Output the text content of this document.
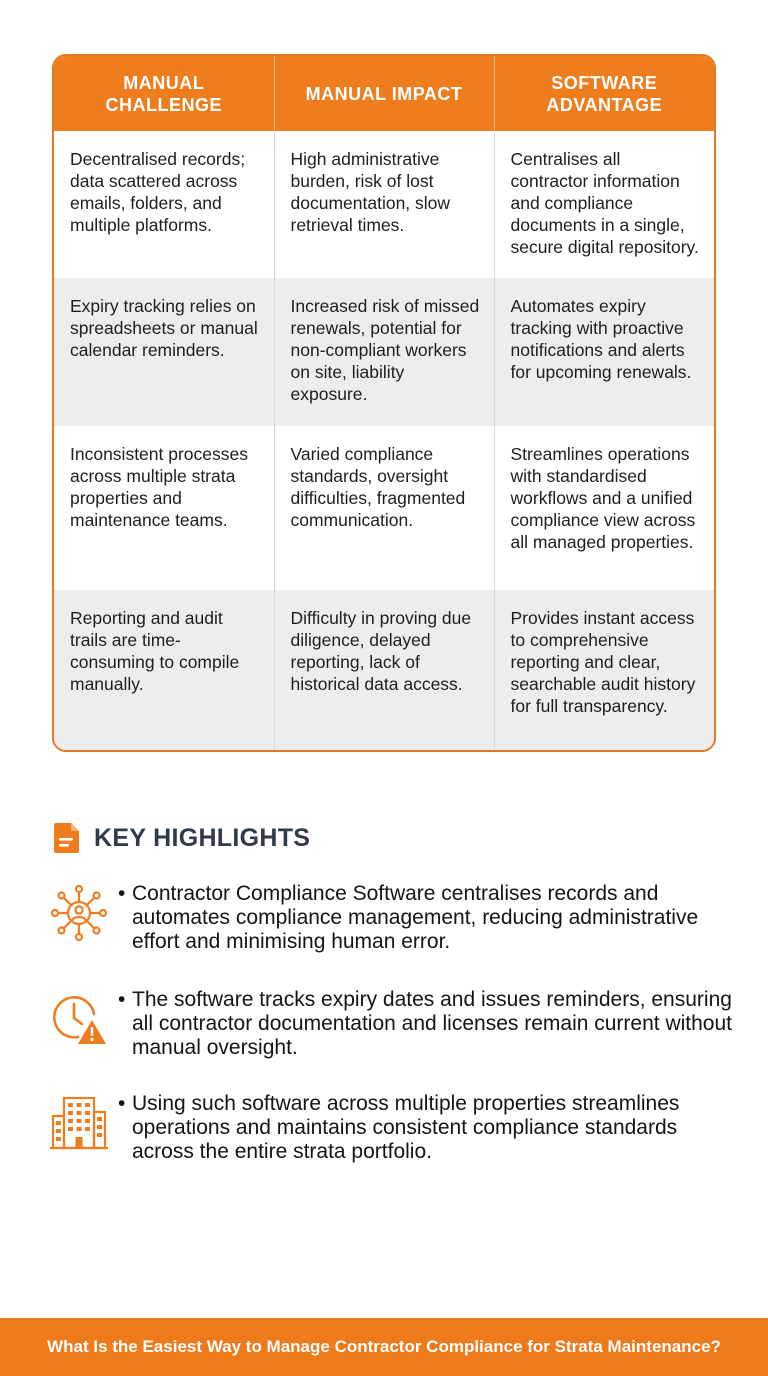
MANUAL CHALLENGE	MANUAL IMPACT	SOFTWARE ADVANTAGE
Decentralised records; data scattered across emails, folders, and multiple platforms.	High administrative burden, risk of lost documentation, slow retrieval times.	Centralises all contractor information and compliance documents in a single, secure digital repository.
Expiry tracking relies on spreadsheets or manual calendar reminders.	Increased risk of missed renewals, potential for non-compliant workers on site, liability exposure.	Automates expiry tracking with proactive notifications and alerts for upcoming renewals.
Inconsistent processes across multiple strata properties and maintenance teams.	Varied compliance standards, oversight difficulties, fragmented communication.	Streamlines operations with standardised workflows and a unified compliance view across all managed properties.
Reporting and audit trails are time-consuming to compile manually.	Difficulty in proving due diligence, delayed reporting, lack of historical data access.	Provides instant access to comprehensive reporting and clear, searchable audit history for full transparency.
KEY HIGHLIGHTS
• Contractor Compliance Software centralises records and automates compliance management, reducing administrative effort and minimising human error.
• The software tracks expiry dates and issues reminders, ensuring all contractor documentation and licenses remain current without manual oversight.
• Using such software across multiple properties streamlines operations and maintains consistent compliance standards across the entire strata portfolio.
What Is the Easiest Way to Manage Contractor Compliance for Strata Maintenance?
